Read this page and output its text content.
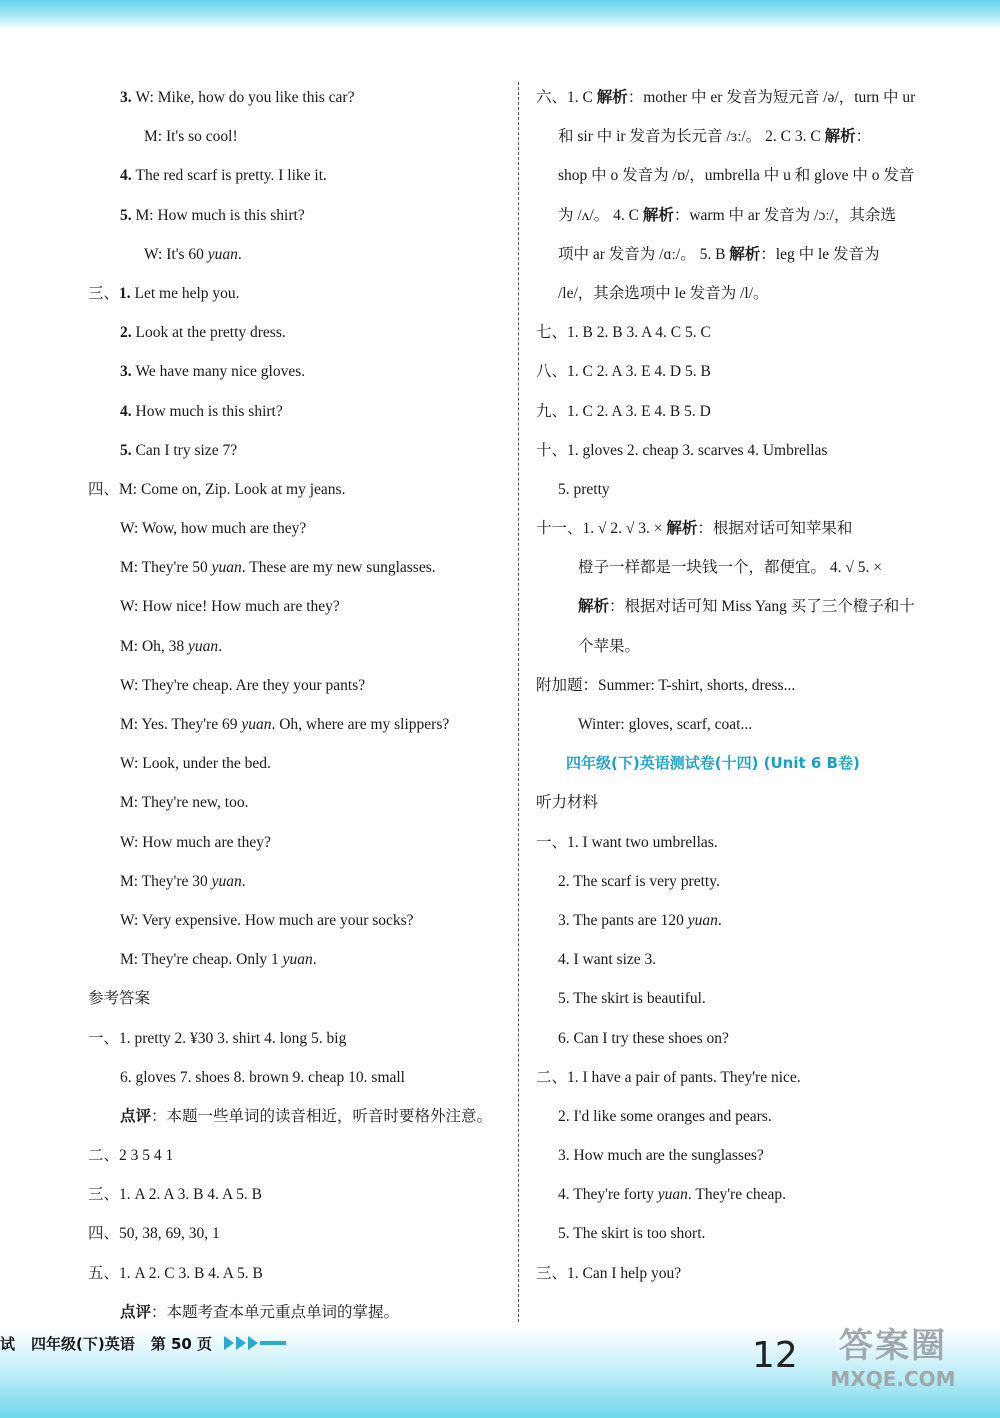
3. W: Mike, how do you like this car?
M: It's so cool!
4. The red scarf is pretty. I like it.
5. M: How much is this shirt?
W: It's 60 yuan.
三、1. Let me help you.
2. Look at the pretty dress.
3. We have many nice gloves.
4. How much is this shirt?
5. Can I try size 7?
四、M: Come on, Zip. Look at my jeans.
W: Wow, how much are they?
M: They're 50 yuan. These are my new sunglasses.
W: How nice! How much are they?
M: Oh, 38 yuan.
W: They're cheap. Are they your pants?
M: Yes. They're 69 yuan. Oh, where are my slippers?
W: Look, under the bed.
M: They're new, too.
W: How much are they?
M: They're 30 yuan.
W: Very expensive. How much are your socks?
M: They're cheap. Only 1 yuan.
参考答案
一、1. pretty 2. ¥30 3. shirt 4. long 5. big
6. gloves 7. shoes 8. brown 9. cheap 10. small
点评：本题一些单词的读音相近，听音时要格外注意。
二、2 3 5 4 1
三、1. A 2. A 3. B 4. A 5. B
四、50, 38, 69, 30, 1
五、1. A 2. C 3. B 4. A 5. B
点评：本题考查本单元重点单词的掌握。
六、1. C 解析：mother 中 er 发音为短元音 /ə/，turn 中 ur
和 sir 中 ir 发音为长元音 /ɜː/。 2. C 3. C 解析：
shop 中 o 发音为 /ɒ/，umbrella 中 u 和 glove 中 o 发音
为 /ʌ/。 4. C 解析：warm 中 ar 发音为 /ɔː/，其余选
项中 ar 发音为 /ɑː/。 5. B 解析：leg 中 le 发音为
/le/，其余选项中 le 发音为 /l/。
七、1. B 2. B 3. A 4. C 5. C
八、1. C 2. A 3. E 4. D 5. B
九、1. C 2. A 3. E 4. B 5. D
十、1. gloves 2. cheap 3. scarves 4. Umbrellas
5. pretty
十一、1. √ 2. √ 3. × 解析：根据对话可知苹果和
橙子一样都是一块钱一个，都便宜。 4. √ 5. ×
解析：根据对话可知 Miss Yang 买了三个橙子和十
个苹果。
附加题：Summer: T-shirt, shorts, dress...
Winter: gloves, scarf, coat...
四年级(下)英语测试卷(十四) (Unit 6 B卷)
听力材料
一、1. I want two umbrellas.
2. The scarf is very pretty.
3. The pants are 120 yuan.
4. I want size 3.
5. The skirt is beautiful.
6. Can I try these shoes on?
二、1. I have a pair of pants. They're nice.
2. I'd like some oranges and pears.
3. How much are the sunglasses?
4. They're forty yuan. They're cheap.
5. The skirt is too short.
三、1. Can I help you?
试 四年级(下)英语 第 50 页	12	答案圈
MXQE.COM
